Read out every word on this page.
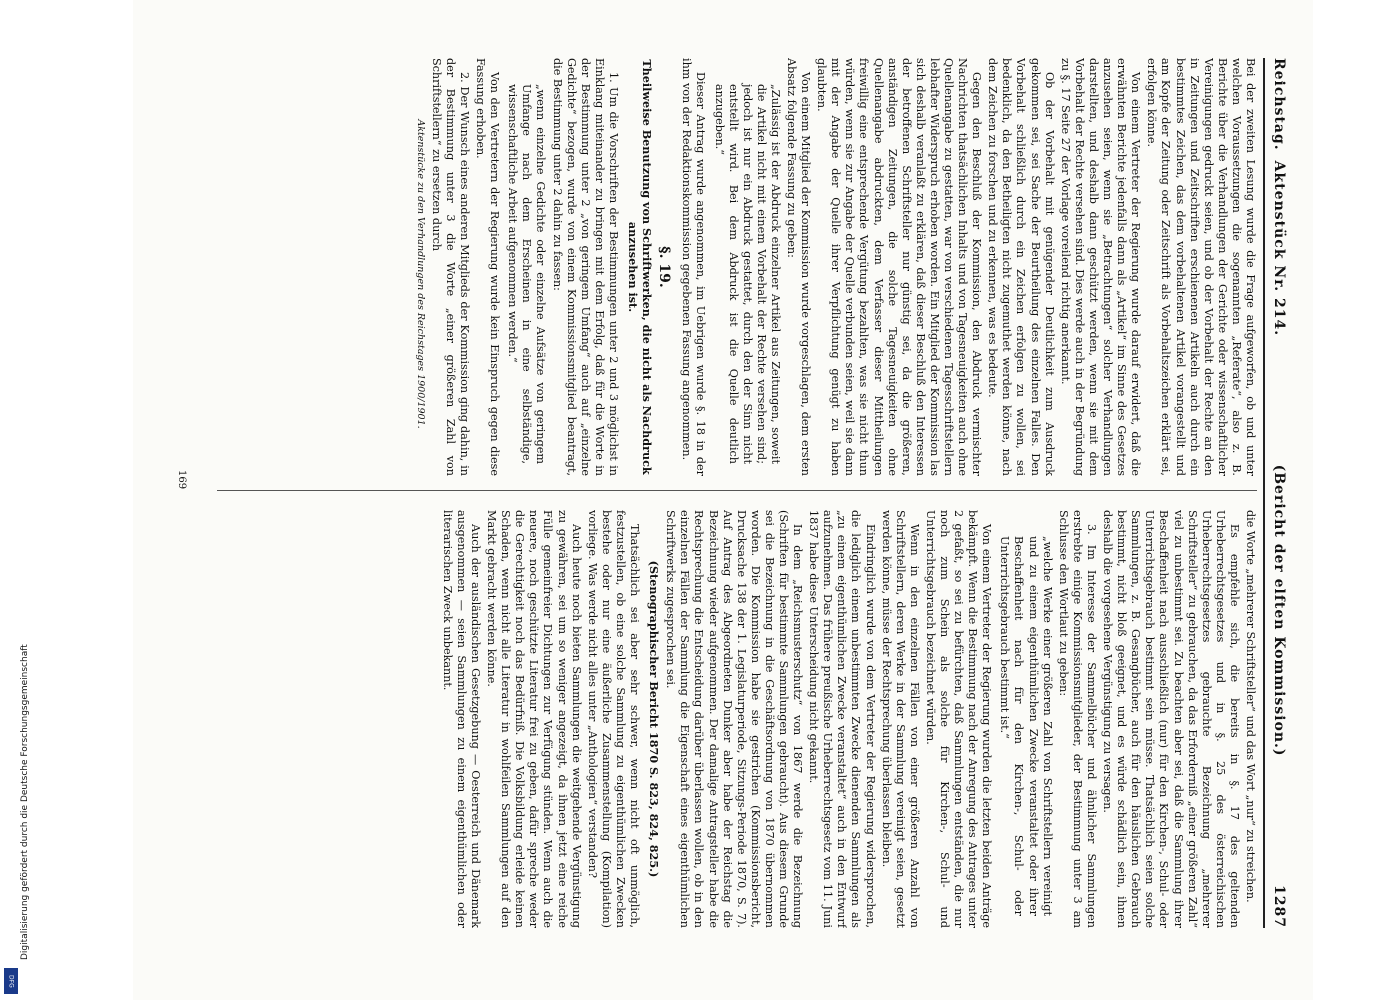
Digitalisierung gefördert durch die Deutsche Forschungsgemeinschaft
DFG
Reichstag.
Aktenstück Nr. 214.
(Bericht der elften Kommission.)
1287

Bei der zweiten Lesung wurde die Frage aufgeworfen, ob und unter welchen Voraussetzungen die sogenannten „Referate“, also z. B. Berichte über die Verhandlungen der Gerichte oder wissenschaftlicher Vereinigungen gedruckt seien, und ob der Vorbehalt der Rechte an den in Zeitungen und Zeitschriften erschienenen Artikeln auch durch ein bestimmtes Zeichen, das dem vorbehaltenen Artikel vorangestellt und am Kopfe der Zeitung oder Zeitschrift als Vorbehaltszeichen erklärt sei, erfolgen könne.

Von einem Vertreter der Regierung wurde darauf erwidert, daß die erwähnten Berichte jedenfalls dann als „Artikel“ im Sinne des Gesetzes anzusehen seien, wenn sie „Betrachtungen“ solcher Verhandlungen darstellten, und deshalb dann geschützt werden, wenn sie mit dem Vorbehalt der Rechte versehen sind. Dies werde auch in der Begründung zu §. 17 Seite 27 der Vorlage voreilend richtig anerkannt.

Ob der Vorbehalt mit genügender Deutlichkeit zum Ausdruck gekommen sei, sei Sache der Beurtheilung des einzelnen Falles. Den Vorbehalt schließlich durch ein Zeichen erfolgen zu wollen, sei bedenklich, da den Betheiligten nicht zugemuthet werden könne, nach dem Zeichen zu forschen und zu erkennen, was es bedeute.

Gegen den Beschluß der Kommission, den Abdruck vermischter Nachrichten thatsächlichen Inhalts und von Tagesneuigkeiten auch ohne Quellenangabe zu gestatten, war von verschiedenen Tagesschriftstellern lebhafter Widerspruch erhoben worden. Ein Mitglied der Kommission las sich deshalb veranlaßt zu erklären, daß dieser Beschluß den Interessen der betroffenen Schriftsteller nur günstig sei, da die größeren, anständigen Zeitungen, die solche Tagesneuigkeiten ohne Quellenangabe abdruckten, dem Verfasser dieser Mittheilungen freiwillig eine entsprechende Vergütung bezahlten, was sie nicht thun würden, wenn sie zur Angabe der Quelle verbunden seien, weil sie dann mit der Angabe der Quelle ihrer Verpflichtung genügt zu haben glaubten.

Von einem Mitglied der Kommission wurde vorgeschlagen, dem ersten Absatz folgende Fassung zu geben:

„Zulässig ist der Abdruck einzelner Artikel aus Zeitungen, soweit die Artikel nicht mit einem Vorbehalt der Rechte versehen sind; jedoch ist nur ein Abdruck gestattet, durch den der Sinn nicht entstellt wird. Bei dem Abdruck ist die Quelle deutlich anzugeben.“

Dieser Antrag wurde angenommen, im Uebrigen wurde §. 18 in der ihm von der Redaktionskommission gegebenen Fassung angenommen.

§. 19.

Theilweise Benutzung von Schriftwerken, die nicht als Nachdruck anzusehen ist.

1. Um die Vorschriften der Bestimmungen unter 2 und 3 möglichst in Einklang miteinander zu bringen mit dem Erfolg, daß für die Worte in der Bestimmung unter 2 „von geringem Umfang“ auch auf „einzelne Gedichte“ bezogen, wurde von einem Kommissionsmitglied beantragt, die Bestimmung unter 2 dahin zu fassen:

„wenn einzelne Gedichte oder einzelne Aufsätze von geringem Umfange nach dem Erscheinen in eine selbständige, wissenschaftliche Arbeit aufgenommen werden.“

Von den Vertretern der Regierung wurde kein Einspruch gegen diese Fassung erhoben.

2. Der Wunsch eines anderen Mitglieds der Kommission ging dahin, in der Bestimmung unter 3 die Worte „einer größeren Zahl von Schriftstellern“ zu ersetzen durch

Aktenstücke zu den Verhandlungen des Reichstages 1900/1901.

die Worte „mehrerer Schriftsteller“ und das Wort „nur“ zu streichen.

Es empfehle sich, die bereits in §. 17 des geltenden Urheberrechtsgesetzes und in §. 25 des österreichischen Urheberrechtsgesetzes gebrauchte Bezeichnung „mehrerer Schriftsteller“ zu gebrauchen, da das Erforderniß „einer größeren Zahl“ viel zu unbestimmt sei. Zu beachten aber sei, daß die Sammlung ihrer Beschaffenheit nach ausschließlich (nur) für den Kirchen-, Schul- oder Unterrichtsgebrauch bestimmt sein müsse. Thatsächlich seien solche Sammlungen, z. B. Gesangbücher, auch für den häuslichen Gebrauch bestimmt, nicht bloß geeignet, und es würde schädlich sein, ihnen deshalb die vorgesehene Vergünstigung zu versagen.

3. Im Interesse der Sammelbücher und ähnlicher Sammlungen erstrebte einige Kommissionsmitglieder, der Bestimmung unter 3 am Schlusse den Wortlaut zu geben:

„welche Werke einer größeren Zahl von Schriftstellern vereinigt und zu einem eigenthümlichen Zwecke veranstaltet oder ihrer Beschaffenheit nach für den Kirchen-, Schul- oder Unterrichtsgebrauch bestimmt ist.“

Von einem Vertreter der Regierung wurden die letzten beiden Anträge bekämpft. Wenn die Bestimmung nach der Anregung des Antrages unter 2 gefaßt, so sei zu befürchten, daß Sammlungen entständen, die nur noch zum Schein als solche für Kirchen-, Schul- und Unterrichtsgebrauch bezeichnet würden.

Wenn in den einzelnen Fällen von einer größeren Anzahl von Schriftstellern, deren Werke in der Sammlung vereinigt seien, gesetzt werden könne, müsse der Rechtsprechung überlassen bleiben.

Eindringlich wurde von dem Vertreter der Regierung widersprochen, die lediglich einem unbestimmten Zwecke dienenden Sammlungen als „zu einem eigenthümlichen Zwecke veranstaltet“ auch in den Entwurf aufzunehmen. Das frühere preußische Urheberrechtsgesetz vom 11. Juni 1837 habe diese Unterscheidung nicht gekannt.

In dem „Reichsmusterschutz“ von 1867 werde die Bezeichnung (Schriften für bestimmte Sammlungen gebraucht). Aus diesem Grunde sei die Bezeichnung in die Geschäftsordnung von 1870 übernommen worden. Die Kommission habe sie gestrichen (Kommissionsbericht, Drucksache 138 der 1. Legislaturperiode, Sitzungs-Periode 1870, S. 7). Auf Antrag des Abgeordneten Dunker aber habe der Reichstag die Bezeichnung wieder aufgenommen. Der damalige Antragsteller habe die Rechtsprechung die Entscheidung darüber überlassen wollen, ob in den einzelnen Fällen der Sammlung die Eigenschaft eines eigenthümlichen Schriftwerks zugesprochen sei.

(Stenographischer Bericht 1870 S. 823, 824, 825.)

Thatsächlich sei aber sehr schwer, wenn nicht oft unmöglich, festzustellen, ob eine solche Sammlung zu eigenthümlichen Zwecken bestehe oder nur eine äußerliche Zusammenstellung (Kompilation) vorliege. Was werde nicht alles unter „Anthologien“ verstanden?

Auch heute noch bieten Sammlungen die weitgehende Vergünstigung zu gewähren, sei um so weniger angezeigt, da ihnen jetzt eine reiche Fülle gemeinfreier Dichtungen zur Verfügung stünden. Wenn auch die neuere, noch geschützte Literatur frei zu geben, dafür spreche weder die Gerechtigkeit noch das Bedürfniß. Die Volksbildung erleide keinen Schaden, wenn nicht alle Literatur in wohlfeilen Sammlungen auf den Markt gebracht werden könne.

Auch der ausländischen Gesetzgebung — Oesterreich und Dänemark ausgenommen — seien Sammlungen zu einem eigenthümlichen oder literarischen Zweck unbekannt.

169
